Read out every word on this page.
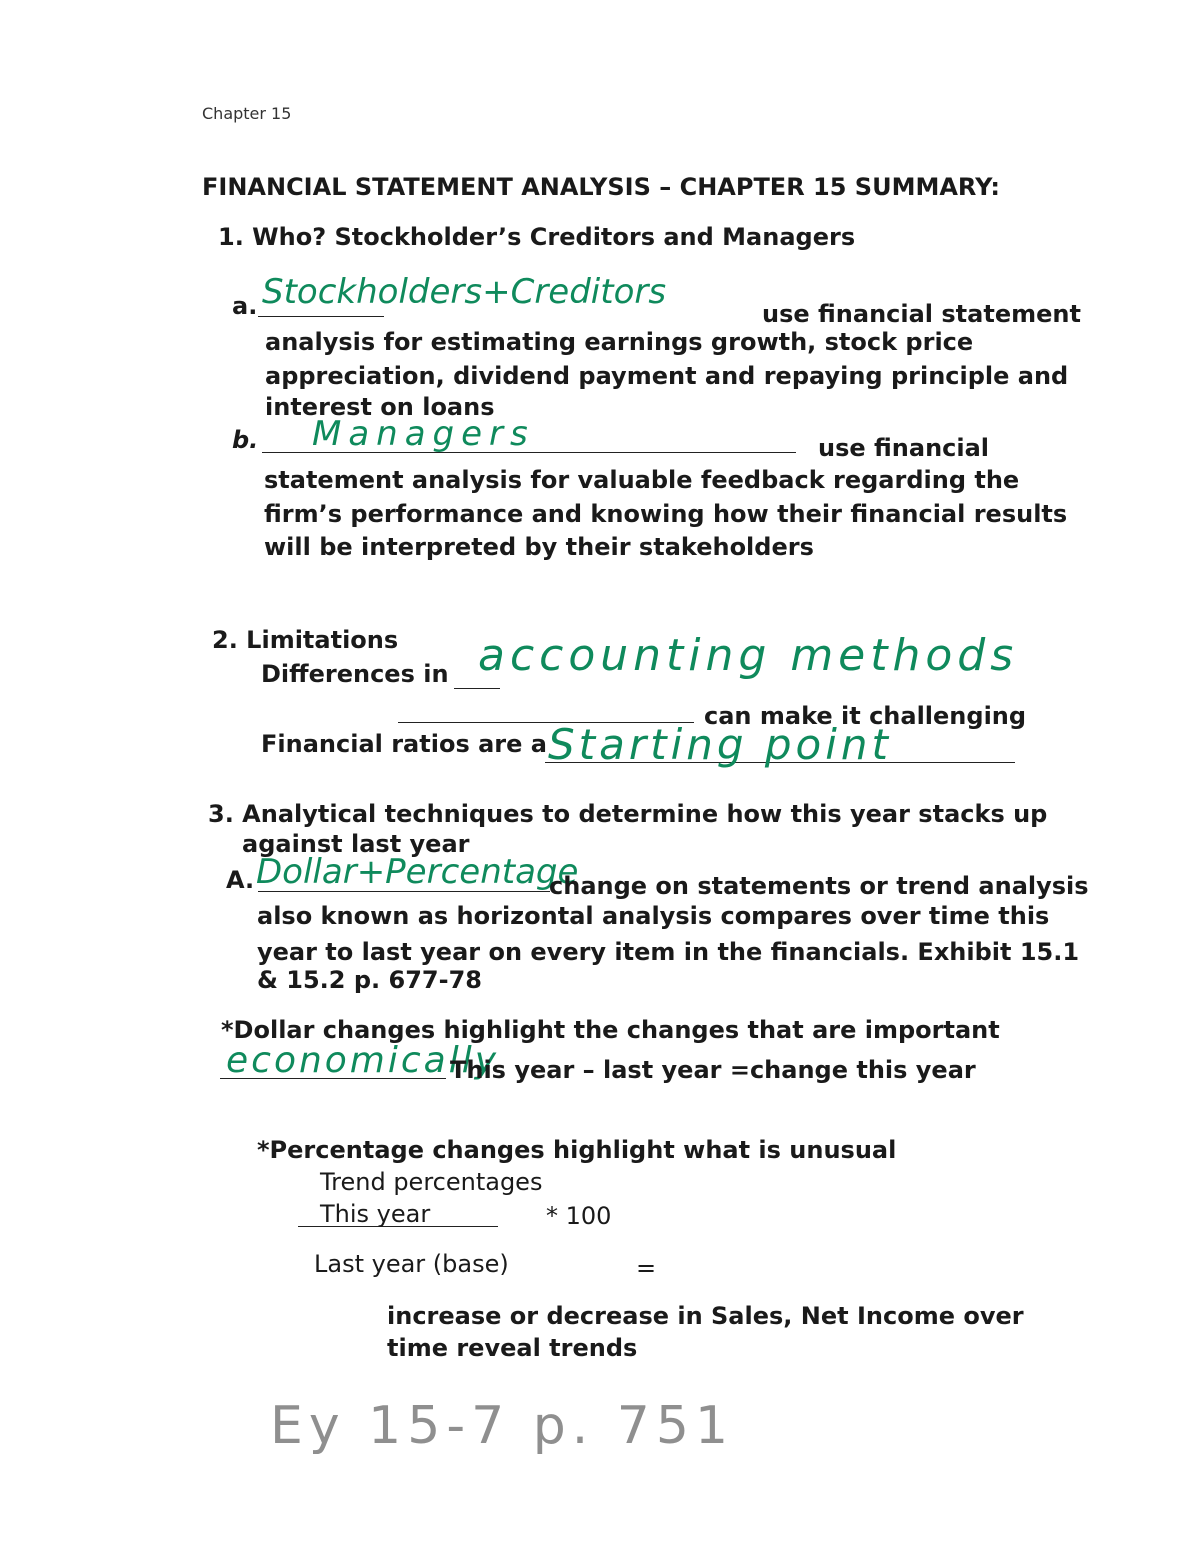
Chapter 15
FINANCIAL STATEMENT ANALYSIS – CHAPTER 15 SUMMARY:
1. Who? Stockholder’s Creditors and Managers
a. Stockholders+Creditors
use financial statement
analysis for estimating earnings growth, stock price
appreciation, dividend payment and repaying principle and
interest on loans
b. Managers	use financial
statement analysis for valuable feedback regarding the
firm’s performance and knowing how their financial results
will be interpreted by their stakeholders
2. Limitations
Differences in accounting methods
can make it challenging
Financial ratios are a Starting point
3. Analytical techniques to determine how this year stacks up
against last year
A. Dollar+Percentage
change on statements or trend analysis
also known as horizontal analysis compares over time this
year to last year on every item in the financials. Exhibit 15.1
& 15.2 p. 677-78
*Dollar changes highlight the changes that are important
economically
This year – last year =change this year
*Percentage changes highlight what is unusual
Trend percentages
This year	* 100
Last year (base)	=
increase or decrease in Sales, Net Income over
time reveal trends
Ey 15-7 p. 751
